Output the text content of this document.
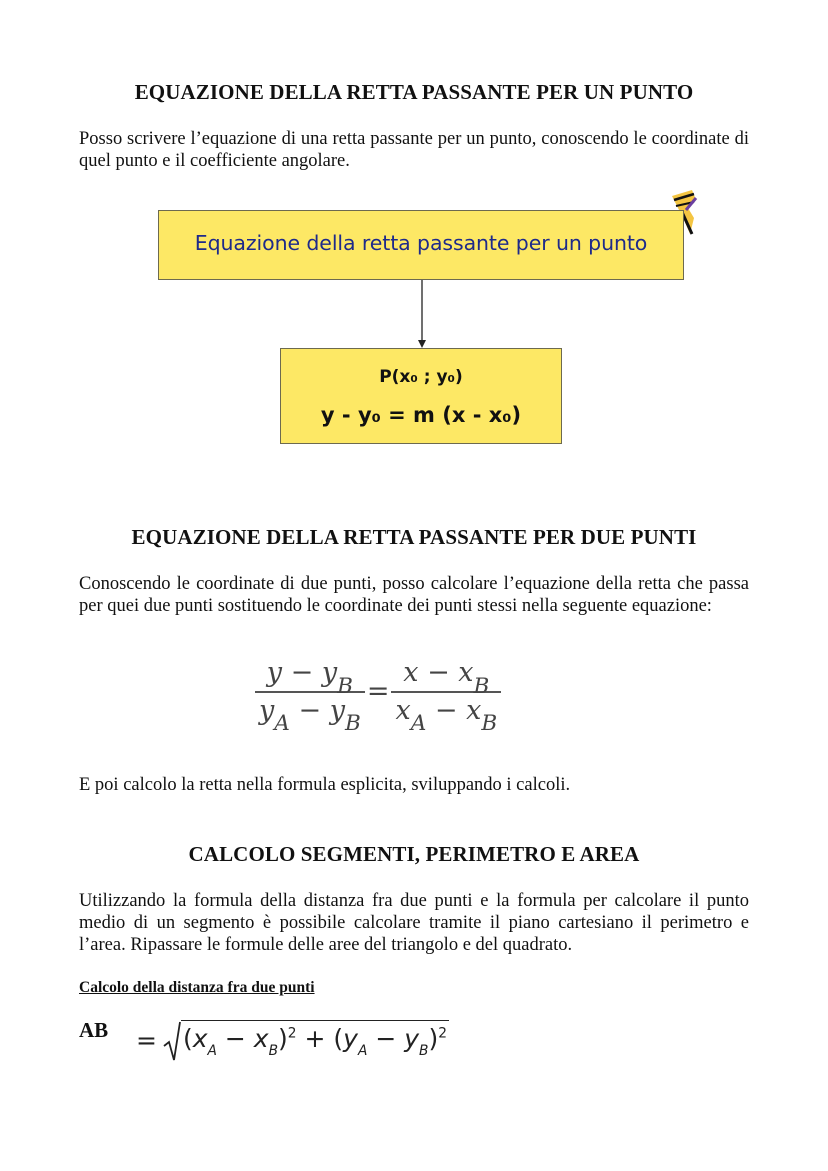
EQUAZIONE DELLA RETTA PASSANTE PER UN PUNTO

Posso scrivere l’equazione di una retta passante per un punto, conoscendo le coordinate di quel punto e il coefficiente angolare.

Equazione della retta passante per un punto
P(x₀ ; y₀)
y - y₀ = m (x - x₀)
EQUAZIONE DELLA RETTA PASSANTE PER DUE PUNTI

Conoscendo le coordinate di due punti, posso calcolare l’equazione della retta che passa per quei due punti sostituendo le coordinate dei punti stessi nella seguente equazione:

$\frac{y - y_B}{y_A - y_B} = \frac{x - x_B}{x_A - x_B}$

E poi calcolo la retta nella formula esplicita, sviluppando i calcoli.

CALCOLO SEGMENTI, PERIMETRO E AREA

Utilizzando la formula della distanza fra due punti e la formula per calcolare il punto medio di un segmento è possibile calcolare tramite il piano cartesiano il perimetro e l’area. Ripassare le formule delle aree del triangolo e del quadrato.

Calcolo della distanza fra due punti
AB = $(x_A - x_B)^2 + (y_A - y_B)^2$
